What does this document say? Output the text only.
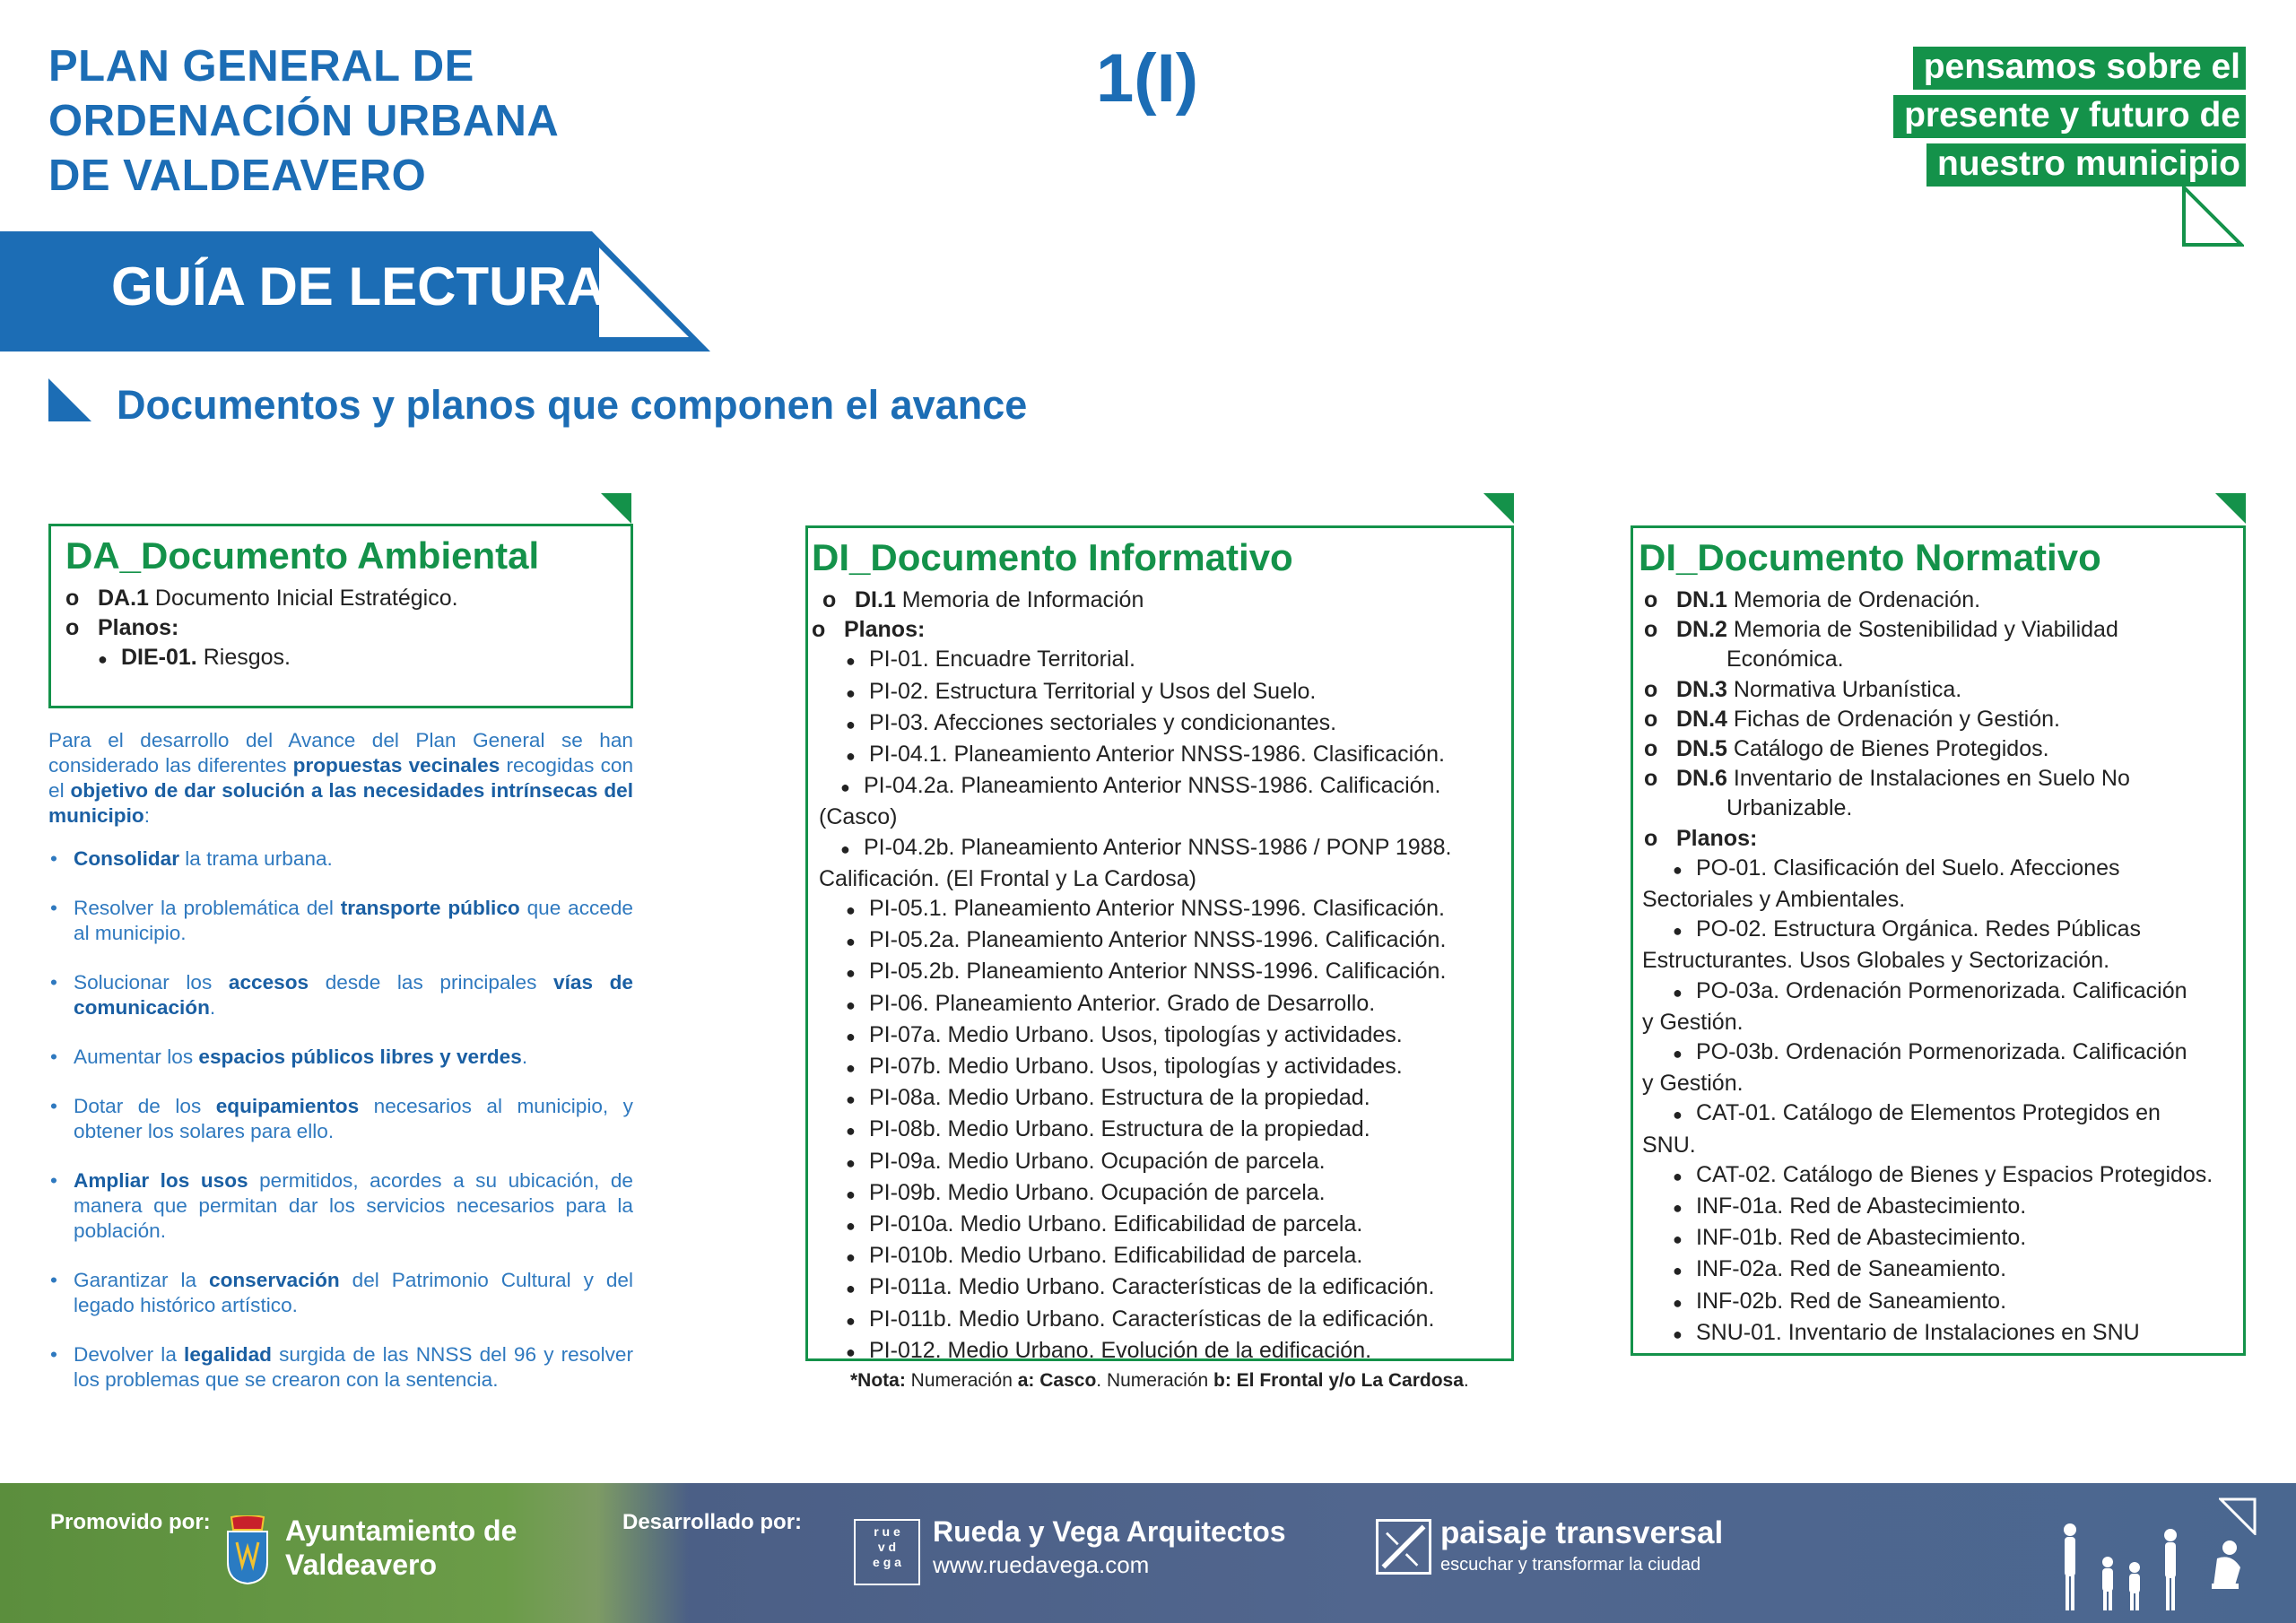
PLAN GENERAL DE
ORDENACIÓN URBANA
DE VALDEAVERO
1(I)	pensamos sobre el
presente y futuro de
nuestro municipio
GUÍA DE LECTURA
Documentos y planos que componen el avance
DA_Documento Ambiental
o DA.1 Documento Inicial Estratégico.
o Planos:
● DIE-01. Riesgos.

Para el desarrollo del Avance del Plan General se han considerado las diferentes propuestas vecinales recogidas con el objetivo de dar solución a las necesidades intrínsecas del municipio:

• Consolidar la trama urbana.
• Resolver la problemática del transporte público que accede al municipio.
• Solucionar los accesos desde las principales vías de comunicación.
• Aumentar los espacios públicos libres y verdes.
• Dotar de los equipamientos necesarios al municipio, y obtener los solares para ello.
• Ampliar los usos permitidos, acordes a su ubicación, de manera que permitan dar los servicios necesarios para la población.
• Garantizar la conservación del Patrimonio Cultural y del legado histórico artístico.
• Devolver la legalidad surgida de las NNSS del 96 y resolver los problemas que se crearon con la sentencia.
DI_Documento Informativo
o DI.1 Memoria de Información
o Planos:
● PI-01. Encuadre Territorial.
● PI-02. Estructura Territorial y Usos del Suelo.
● PI-03. Afecciones sectoriales y condicionantes.
● PI-04.1. Planeamiento Anterior NNSS-1986. Clasificación.
● PI-04.2a. Planeamiento Anterior NNSS-1986. Calificación.
(Casco)
● PI-04.2b. Planeamiento Anterior NNSS-1986 / PONP 1988.
Calificación. (El Frontal y La Cardosa)
● PI-05.1. Planeamiento Anterior NNSS-1996. Clasificación.
● PI-05.2a. Planeamiento Anterior NNSS-1996. Calificación.
● PI-05.2b. Planeamiento Anterior NNSS-1996. Calificación.
● PI-06. Planeamiento Anterior. Grado de Desarrollo.
● PI-07a. Medio Urbano. Usos, tipologías y actividades.
● PI-07b. Medio Urbano. Usos, tipologías y actividades.
● PI-08a. Medio Urbano. Estructura de la propiedad.
● PI-08b. Medio Urbano. Estructura de la propiedad.
● PI-09a. Medio Urbano. Ocupación de parcela.
● PI-09b. Medio Urbano. Ocupación de parcela.
● PI-010a. Medio Urbano. Edificabilidad de parcela.
● PI-010b. Medio Urbano. Edificabilidad de parcela.
● PI-011a. Medio Urbano. Características de la edificación.
● PI-011b. Medio Urbano. Características de la edificación.
● PI-012. Medio Urbano. Evolución de la edificación.
*Nota: Numeración a: Casco. Numeración b: El Frontal y/o La Cardosa.
DI_Documento Normativo
o DN.1 Memoria de Ordenación.
o DN.2 Memoria de Sostenibilidad y Viabilidad
Económica.
o DN.3 Normativa Urbanística.
o DN.4 Fichas de Ordenación y Gestión.
o DN.5 Catálogo de Bienes Protegidos.
o DN.6 Inventario de Instalaciones en Suelo No
Urbanizable.
o Planos:
● PO-01. Clasificación del Suelo. Afecciones
Sectoriales y Ambientales.
● PO-02. Estructura Orgánica. Redes Públicas
Estructurantes. Usos Globales y Sectorización.
● PO-03a. Ordenación Pormenorizada. Calificación
y Gestión.
● PO-03b. Ordenación Pormenorizada. Calificación
y Gestión.
● CAT-01. Catálogo de Elementos Protegidos en
SNU.
● CAT-02. Catálogo de Bienes y Espacios Protegidos.
● INF-01a. Red de Abastecimiento.
● INF-01b. Red de Abastecimiento.
● INF-02a. Red de Saneamiento.
● INF-02b. Red de Saneamiento.
● SNU-01. Inventario de Instalaciones en SNU
Promovido por:	Ayuntamiento de
Valdeavero
Desarrollado por:	r u e
v d
e g a
Rueda y Vega Arquitectos
www.ruedavega.com
paisaje transversal
escuchar y transformar la ciudad
